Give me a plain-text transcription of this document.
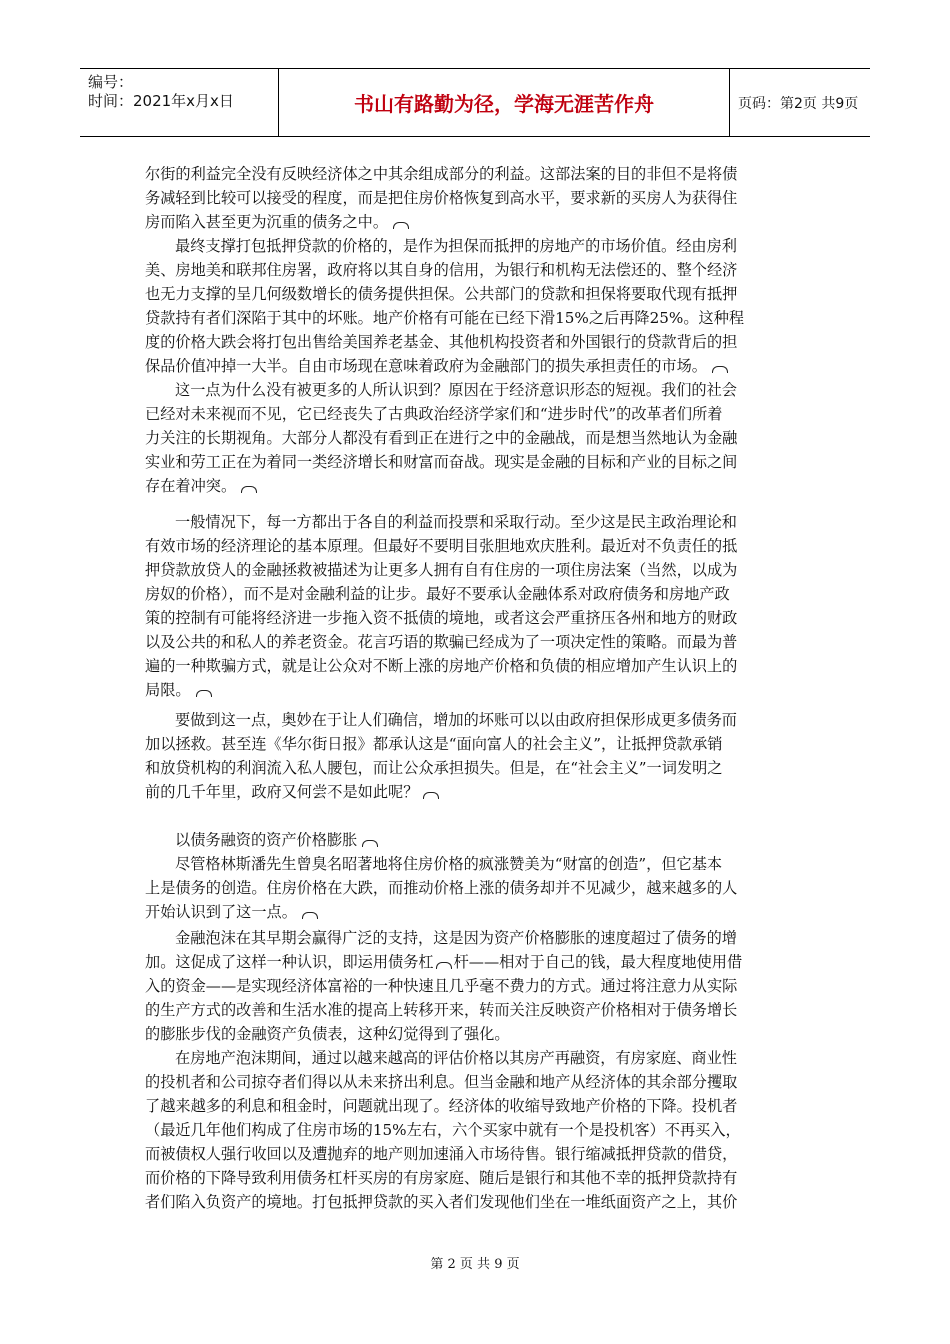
编号：
时间：2021年x月x日	书山有路勤为径，学海无涯苦作舟	页码：第2页 共9页
尔街的利益完全没有反映经济体之中其余组成部分的利益。这部法案的目的非但不是将债
务减轻到比较可以接受的程度，而是把住房价格恢复到高水平，要求新的买房人为获得住
房而陷入甚至更为沉重的债务之中。
最终支撑打包抵押贷款的价格的，是作为担保而抵押的房地产的市场价值。经由房利
美、房地美和联邦住房署，政府将以其自身的信用，为银行和机构无法偿还的、整个经济
也无力支撑的呈几何级数增长的债务提供担保。公共部门的贷款和担保将要取代现有抵押
贷款持有者们深陷于其中的坏账。地产价格有可能在已经下滑15%之后再降25%。这种程
度的价格大跌会将打包出售给美国养老基金、其他机构投资者和外国银行的贷款背后的担
保品价值冲掉一大半。自由市场现在意味着政府为金融部门的损失承担责任的市场。
这一点为什么没有被更多的人所认识到？原因在于经济意识形态的短视。我们的社会
已经对未来视而不见，它已经丧失了古典政治经济学家们和“进步时代”的改革者们所着
力关注的长期视角。大部分人都没有看到正在进行之中的金融战，而是想当然地认为金融
实业和劳工正在为着同一类经济增长和财富而奋战。现实是金融的目标和产业的目标之间
存在着冲突。
一般情况下，每一方都出于各自的利益而投票和采取行动。至少这是民主政治理论和
有效市场的经济理论的基本原理。但最好不要明目张胆地欢庆胜利。最近对不负责任的抵
押贷款放贷人的金融拯救被描述为让更多人拥有自有住房的一项住房法案（当然，以成为
房奴的价格），而不是对金融利益的让步。最好不要承认金融体系对政府债务和房地产政
策的控制有可能将经济进一步拖入资不抵债的境地，或者这会严重挤压各州和地方的财政
以及公共的和私人的养老资金。花言巧语的欺骗已经成为了一项决定性的策略。而最为普
遍的一种欺骗方式，就是让公众对不断上涨的房地产价格和负债的相应增加产生认识上的
局限。
要做到这一点，奥妙在于让人们确信，增加的坏账可以以由政府担保形成更多债务而
加以拯救。甚至连《华尔街日报》都承认这是“面向富人的社会主义”，让抵押贷款承销
和放贷机构的利润流入私人腰包，而让公众承担损失。但是，在“社会主义”一词发明之
前的几千年里，政府又何尝不是如此呢？
以债务融资的资产价格膨胀
尽管格林斯潘先生曾臭名昭著地将住房价格的疯涨赞美为“财富的创造”，但它基本
上是债务的创造。住房价格在大跌，而推动价格上涨的债务却并不见减少，越来越多的人
开始认识到了这一点。
金融泡沫在其早期会赢得广泛的支持，这是因为资产价格膨胀的速度超过了债务的增
加。这促成了这样一种认识，即运用债务杠 杆——相对于自己的钱，最大程度地使用借
入的资金——是实现经济体富裕的一种快速且几乎毫不费力的方式。通过将注意力从实际
的生产方式的改善和生活水准的提高上转移开来，转而关注反映资产价格相对于债务增长
的膨胀步伐的金融资产负债表，这种幻觉得到了强化。
在房地产泡沫期间，通过以越来越高的评估价格以其房产再融资，有房家庭、商业性
的投机者和公司掠夺者们得以从未来挤出利息。但当金融和地产从经济体的其余部分攫取
了越来越多的利息和租金时，问题就出现了。经济体的收缩导致地产价格的下降。投机者
（最近几年他们构成了住房市场的15%左右，六个买家中就有一个是投机客）不再买入，
而被债权人强行收回以及遭抛弃的地产则加速涌入市场待售。银行缩减抵押贷款的借贷，
而价格的下降导致利用债务杠杆买房的有房家庭、随后是银行和其他不幸的抵押贷款持有
者们陷入负资产的境地。打包抵押贷款的买入者们发现他们坐在一堆纸面资产之上，其价
第 2 页 共 9 页
